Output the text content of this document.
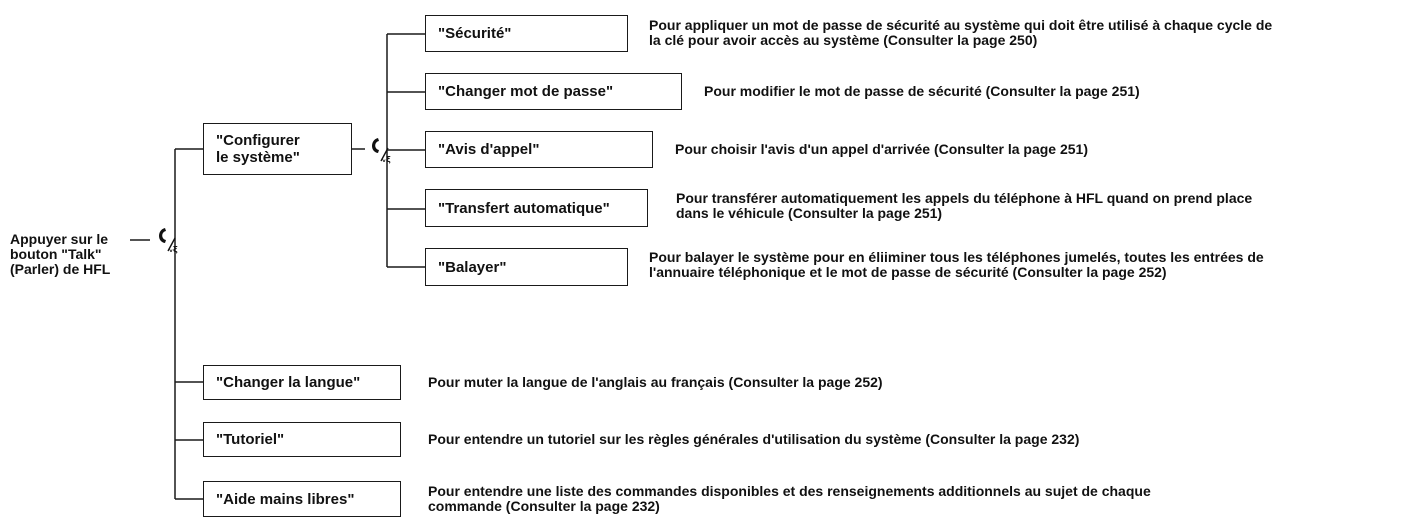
Appuyer sur le
bouton "Talk"
(Parler) de HFL
ᵥξ
ᵥξ
"Configurer
le système"
"Changer la langue"
"Tutoriel"
"Aide mains libres"
Pour muter la langue de l'anglais au français (Consulter la page 252)
Pour entendre un tutoriel sur les règles générales d'utilisation du système (Consulter la page 232)
Pour entendre une liste des commandes disponibles et des renseignements additionnels au sujet de chaque
commande (Consulter la page 232)
"Sécurité"
"Changer mot de passe"
"Avis d'appel"
"Transfert automatique"
"Balayer"
Pour appliquer un mot de passe de sécurité au système qui doit être utilisé à chaque cycle de
la clé pour avoir accès au système (Consulter la page 250)
Pour modifier le mot de passe de sécurité (Consulter la page 251)
Pour choisir l'avis d'un appel d'arrivée (Consulter la page 251)
Pour transférer automatiquement les appels du téléphone à HFL quand on prend place
dans le véhicule (Consulter la page 251)
Pour balayer le système pour en éliiminer tous les téléphones jumelés, toutes les entrées de
l'annuaire téléphonique et le mot de passe de sécurité (Consulter la page 252)
